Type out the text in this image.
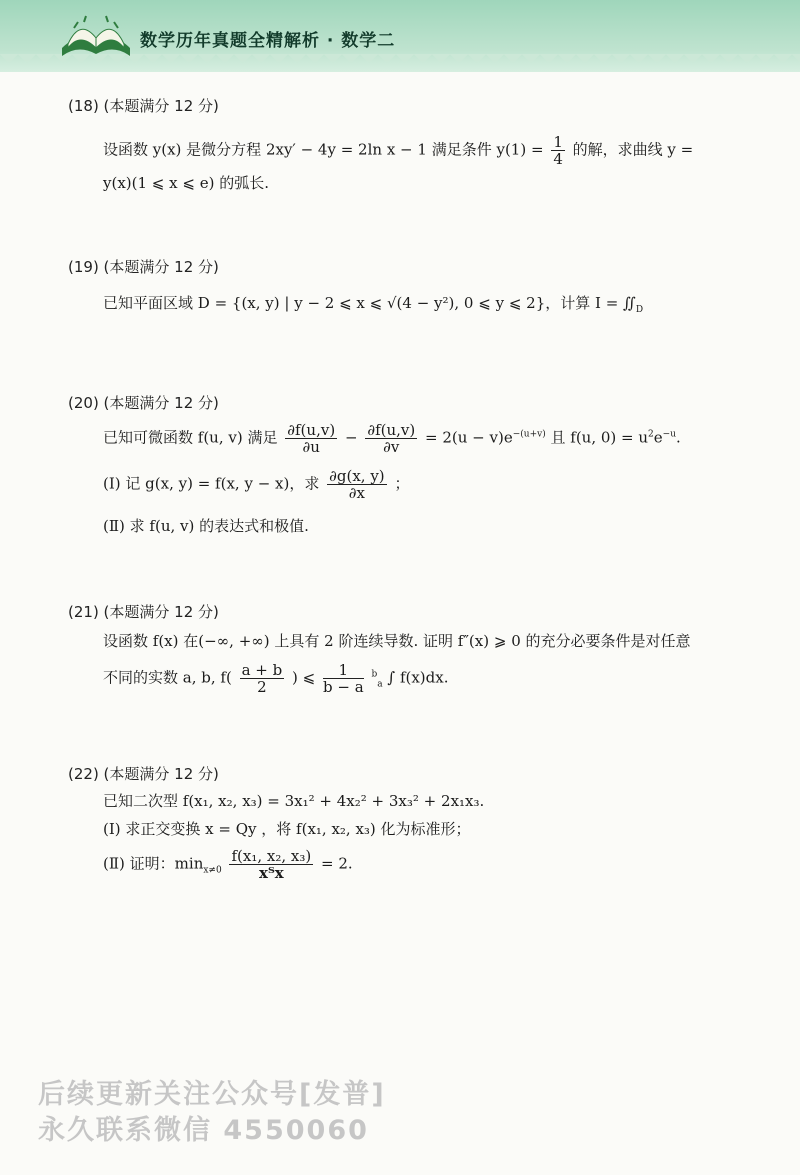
数学历年真题全精解析 · 数学二
(18) (本题满分 12 分)
设函数 y(x) 是微分方程 2xy′ − 4y = 2ln x − 1 满足条件 $y(1) = \frac{1}{4}$ 的解，求曲线 y =
y(x)(1 ⩽ x ⩽ e) 的弧长.
(19) (本题满分 12 分)
已知平面区域 D = {(x, y) | y − 2 ⩽ x ⩽ √(4 − y²), 0 ⩽ y ⩽ 2}，计算 $I = ∬_D$
(20) (本题满分 12 分)
已知可微函数 f(u, v) 满足 $\frac{\partial f(u,v)}{\partial u} - \frac{\partial f(u,v)}{\partial v} = 2(u - v)e^{-(u+v)}$ 且 f(u, $0) = u^2e^{-u}$.
(Ⅰ) 记 g(x, y) = f(x, y − x)，求 $\frac{\partial g(x, y)}{\partial x}$ ；
(Ⅱ) 求 f(u, v) 的表达式和极值.
(21) (本题满分 12 分)
设函数 f(x) 在(−∞, +∞) 上具有 2 阶连续导数. 证明 f″(x) ⩾ 0 的充分必要条件是对任意
不同的实数 a, b, $f( \frac{a + b}{2}$ ) ⩽ $\frac{1}{b - a} ^b_a$ ∫ f(x)dx.
(22) (本题满分 12 分)
已知二次型 f(x₁, x₂, x₃) = 3x₁² + 4x₂² + 3x₃² + 2x₁x₃.
(Ⅰ) 求正交变换 x = Qy ，将 f(x₁, x₂, x₃) 化为标准形；
(Ⅱ) 证明：$\min_{x\ne 0} \frac{\text{f(x₁, x₂, x₃)}}{\text{xᵀx}} = 2$.
后续更新关注公众号[发普]
永久联系微信 4550060
